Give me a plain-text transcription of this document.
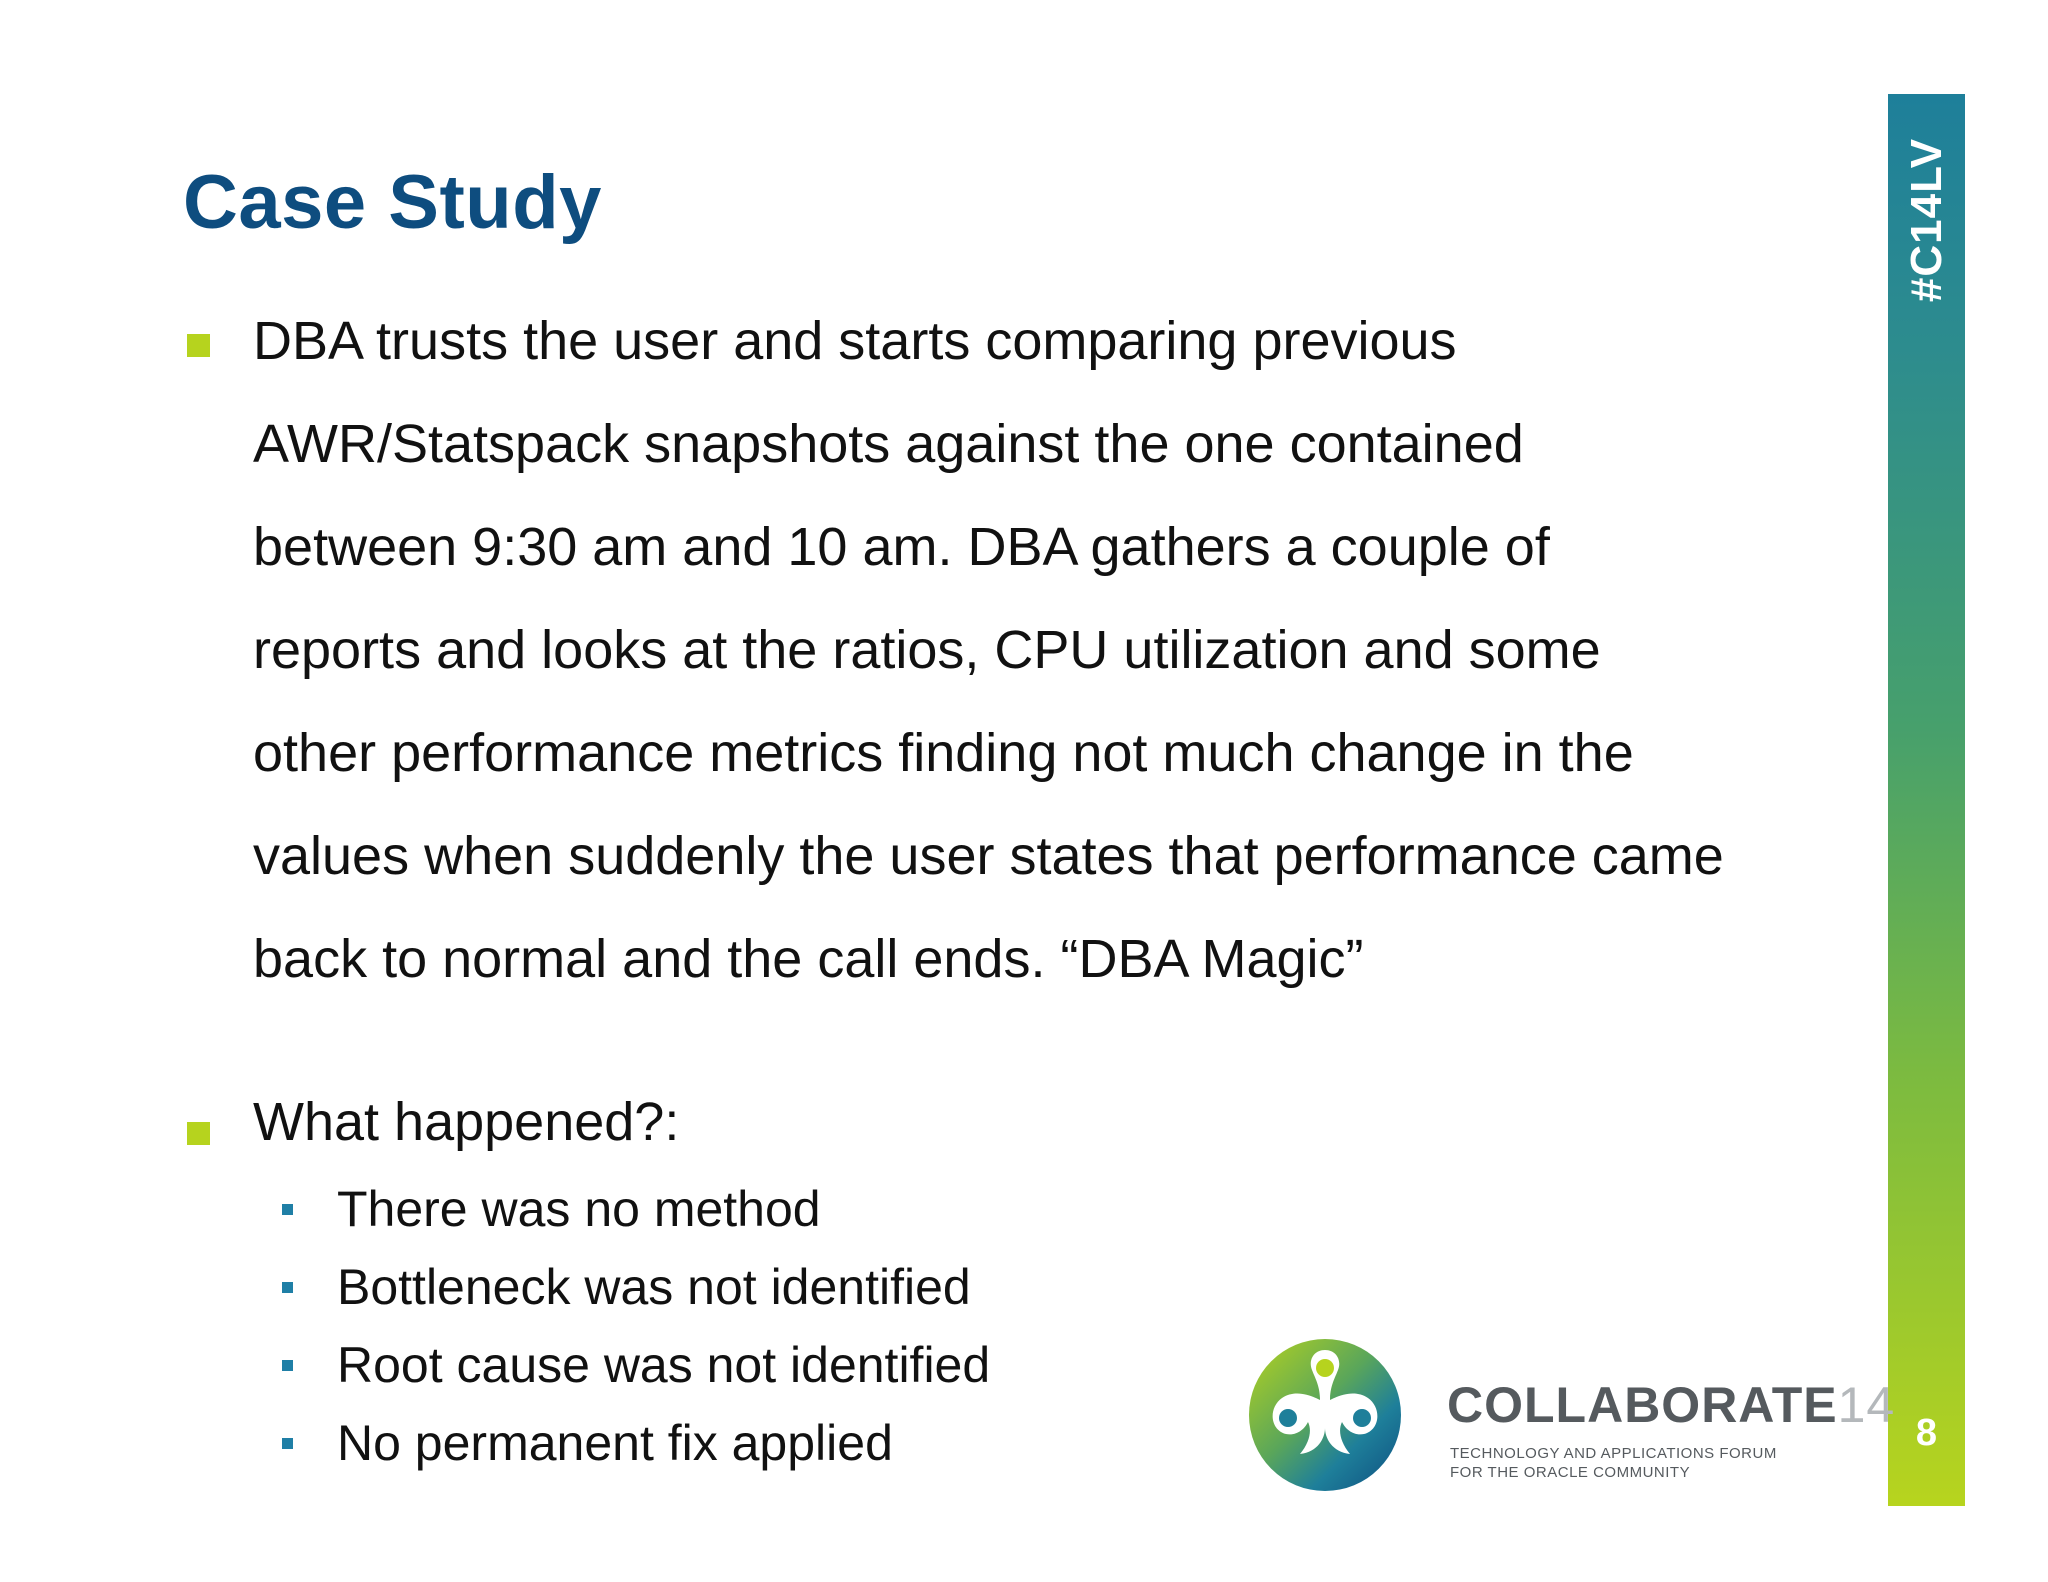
Case Study
DBA trusts the user and starts comparing previous
AWR/Statspack snapshots against the one contained
between 9:30 am and 10 am. DBA gathers a couple of
reports and looks at the ratios, CPU utilization and some
other performance metrics finding not much change in the
values when suddenly the user states that performance came
back to normal and the call ends. “DBA Magic”
What happened?:
There was no method
Bottleneck was not identified
Root cause was not identified
No permanent fix applied
#C14LV
8
COLLABORATE14
TECHNOLOGY AND APPLICATIONS FORUM
FOR THE ORACLE COMMUNITY
